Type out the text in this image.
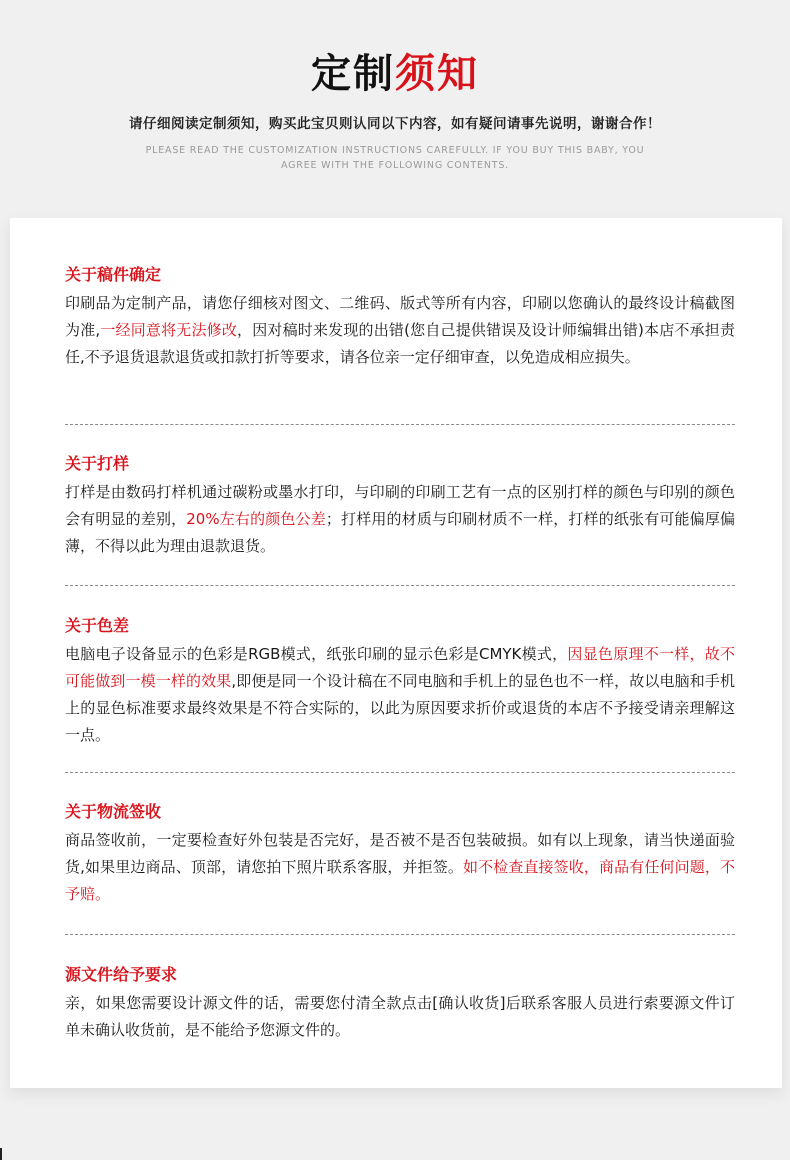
定制须知
请仔细阅读定制须知，购买此宝贝则认同以下内容，如有疑问请事先说明，谢谢合作！
PLEASE READ THE CUSTOMIZATION INSTRUCTIONS CAREFULLY. IF YOU BUY THIS BABY, YOU
AGREE WITH THE FOLLOWING CONTENTS.
关于稿件确定
印刷品为定制产品，请您仔细核对图文、二维码、版式等所有内容，印刷以您确认的最终设计稿截图为准,一经同意将无法修改，因对稿时来发现的出错(您自己提供错误及设计师编辑出错)本店不承担责任,不予退货退款退货或扣款打折等要求，请各位亲一定仔细审查，以免造成相应损失。
关于打样
打样是由数码打样机通过碳粉或墨水打印，与印刷的印刷工艺有一点的区别打样的颜色与印别的颜色会有明显的差别，20%左右的颜色公差；打样用的材质与印刷材质不一样，打样的纸张有可能偏厚偏薄，不得以此为理由退款退货。
关于色差
电脑电子设备显示的色彩是RGB模式，纸张印刷的显示色彩是CMYK模式，因显色原理不一样，故不可能做到一模一样的效果,即便是同一个设计稿在不同电脑和手机上的显色也不一样，故以电脑和手机上的显色标准要求最终效果是不符合实际的，以此为原因要求折价或退货的本店不予接受请亲理解这一点。
关于物流签收
商品签收前，一定要检查好外包装是否完好，是否被不是否包装破损。如有以上现象，请当快递面验货,如果里边商品、顶部，请您拍下照片联系客服，并拒签。如不检查直接签收，商品有任何问题，不予赔。
源文件给予要求
亲，如果您需要设计源文件的话，需要您付清全款点击[确认收货]后联系客服人员进行索要源文件订单未确认收货前，是不能给予您源文件的。
